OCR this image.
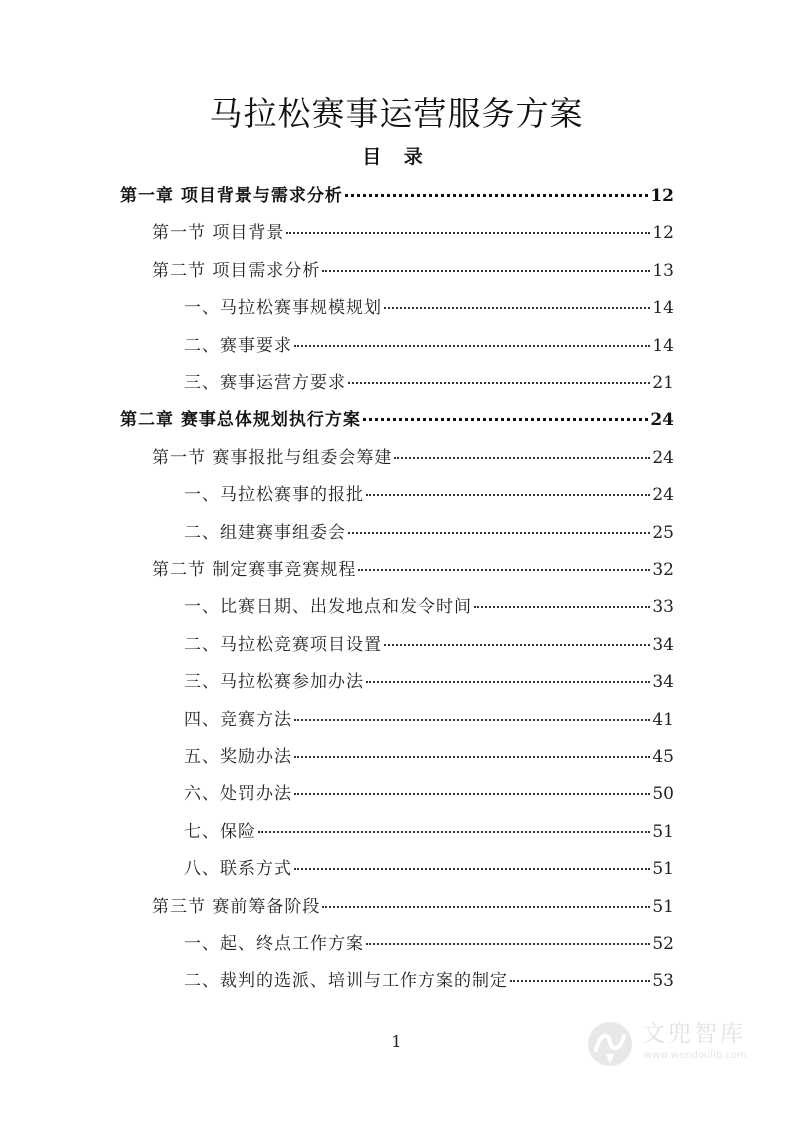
马拉松赛事运营服务方案
目 录
第一章 项目背景与需求分析	12
第一节 项目背景	12
第二节 项目需求分析	13
一、马拉松赛事规模规划	14
二、赛事要求	14
三、赛事运营方要求	21
第二章 赛事总体规划执行方案	24
第一节 赛事报批与组委会筹建	24
一、马拉松赛事的报批	24
二、组建赛事组委会	25
第二节 制定赛事竞赛规程	32
一、比赛日期、出发地点和发令时间	33
二、马拉松竞赛项目设置	34
三、马拉松赛参加办法	34
四、竞赛方法	41
五、奖励办法	45
六、处罚办法	50
七、保险	51
八、联系方式	51
第三节 赛前筹备阶段	51
一、起、终点工作方案	52
二、裁判的选派、培训与工作方案的制定	53
1	文兜智库
www.wendoulib.com
